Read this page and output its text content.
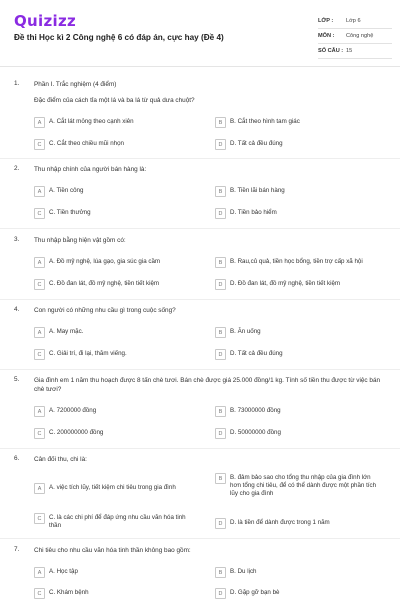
Quizizz
Đề thi Học kì 2 Công nghệ 6 có đáp án, cực hay (Đề 4)
LỚP :	Lớp 6
MÔN :	Công nghệ
SỐ CÂU : 15
1. Phần I. Trắc nghiệm (4 điểm)
Đặc điểm của cách tỉa một lá và ba lá từ quả dưa chuột?
A	A. Cắt lát mỏng theo cạnh xiên	B	B. Cắt theo hình tam giác
C	C. Cắt theo chiều mũi nhọn	D	D. Tất cả đều đúng
2. Thu nhập chính của người bán hàng là:
A	A. Tiền công	B	B. Tiền lãi bán hàng
C	C. Tiền thưởng	D	D. Tiền bảo hiểm
3. Thu nhập bằng hiện vật gồm có:
A	A. Đồ mỹ nghệ, lúa gạo, gia súc gia cầm	B	B. Rau,củ quả, tiền học bổng, tiền trợ cấp xã hội
C	C. Đồ đan lát, đồ mỹ nghệ, tiền tiết kiệm	D	D. Đồ đan lát, đồ mỹ nghệ, tiền tiết kiệm
4. Con người có những nhu cầu gì trong cuộc sống?
A	A. May mặc.	B	B. Ăn uống
C	C. Giải trí, đi lại, thăm viếng.	D	D. Tất cả đều đúng
5. Gia đình em 1 năm thu hoạch được 8 tấn chè tươi. Bán chè được giá 25.000 đồng/1 kg. Tính số tiền thu được từ việc bán chè tươi?
A	A. 7200000 đồng	B	B. 73000000 đồng
C	C. 200000000 đồng	D	D. 50000000 đồng
6. Cân đối thu, chi là:
A	A. việc tích lũy, tiết kiệm chi tiêu trong gia đình
B	B. đảm bảo sao cho tổng thu nhập của gia đình lớn hơn tổng chi tiêu, để có thể dành được một phần tích lũy cho gia đình
C	C. là các chi phí để đáp ứng nhu cầu văn hóa tinh thần	D	D. là tiền để dành được trong 1 năm
7. Chi tiêu cho nhu cầu văn hóa tinh thần không bao gồm:
A	A. Học tập	B	B. Du lịch
C	C. Khám bệnh	D	D. Gặp gỡ bạn bè
